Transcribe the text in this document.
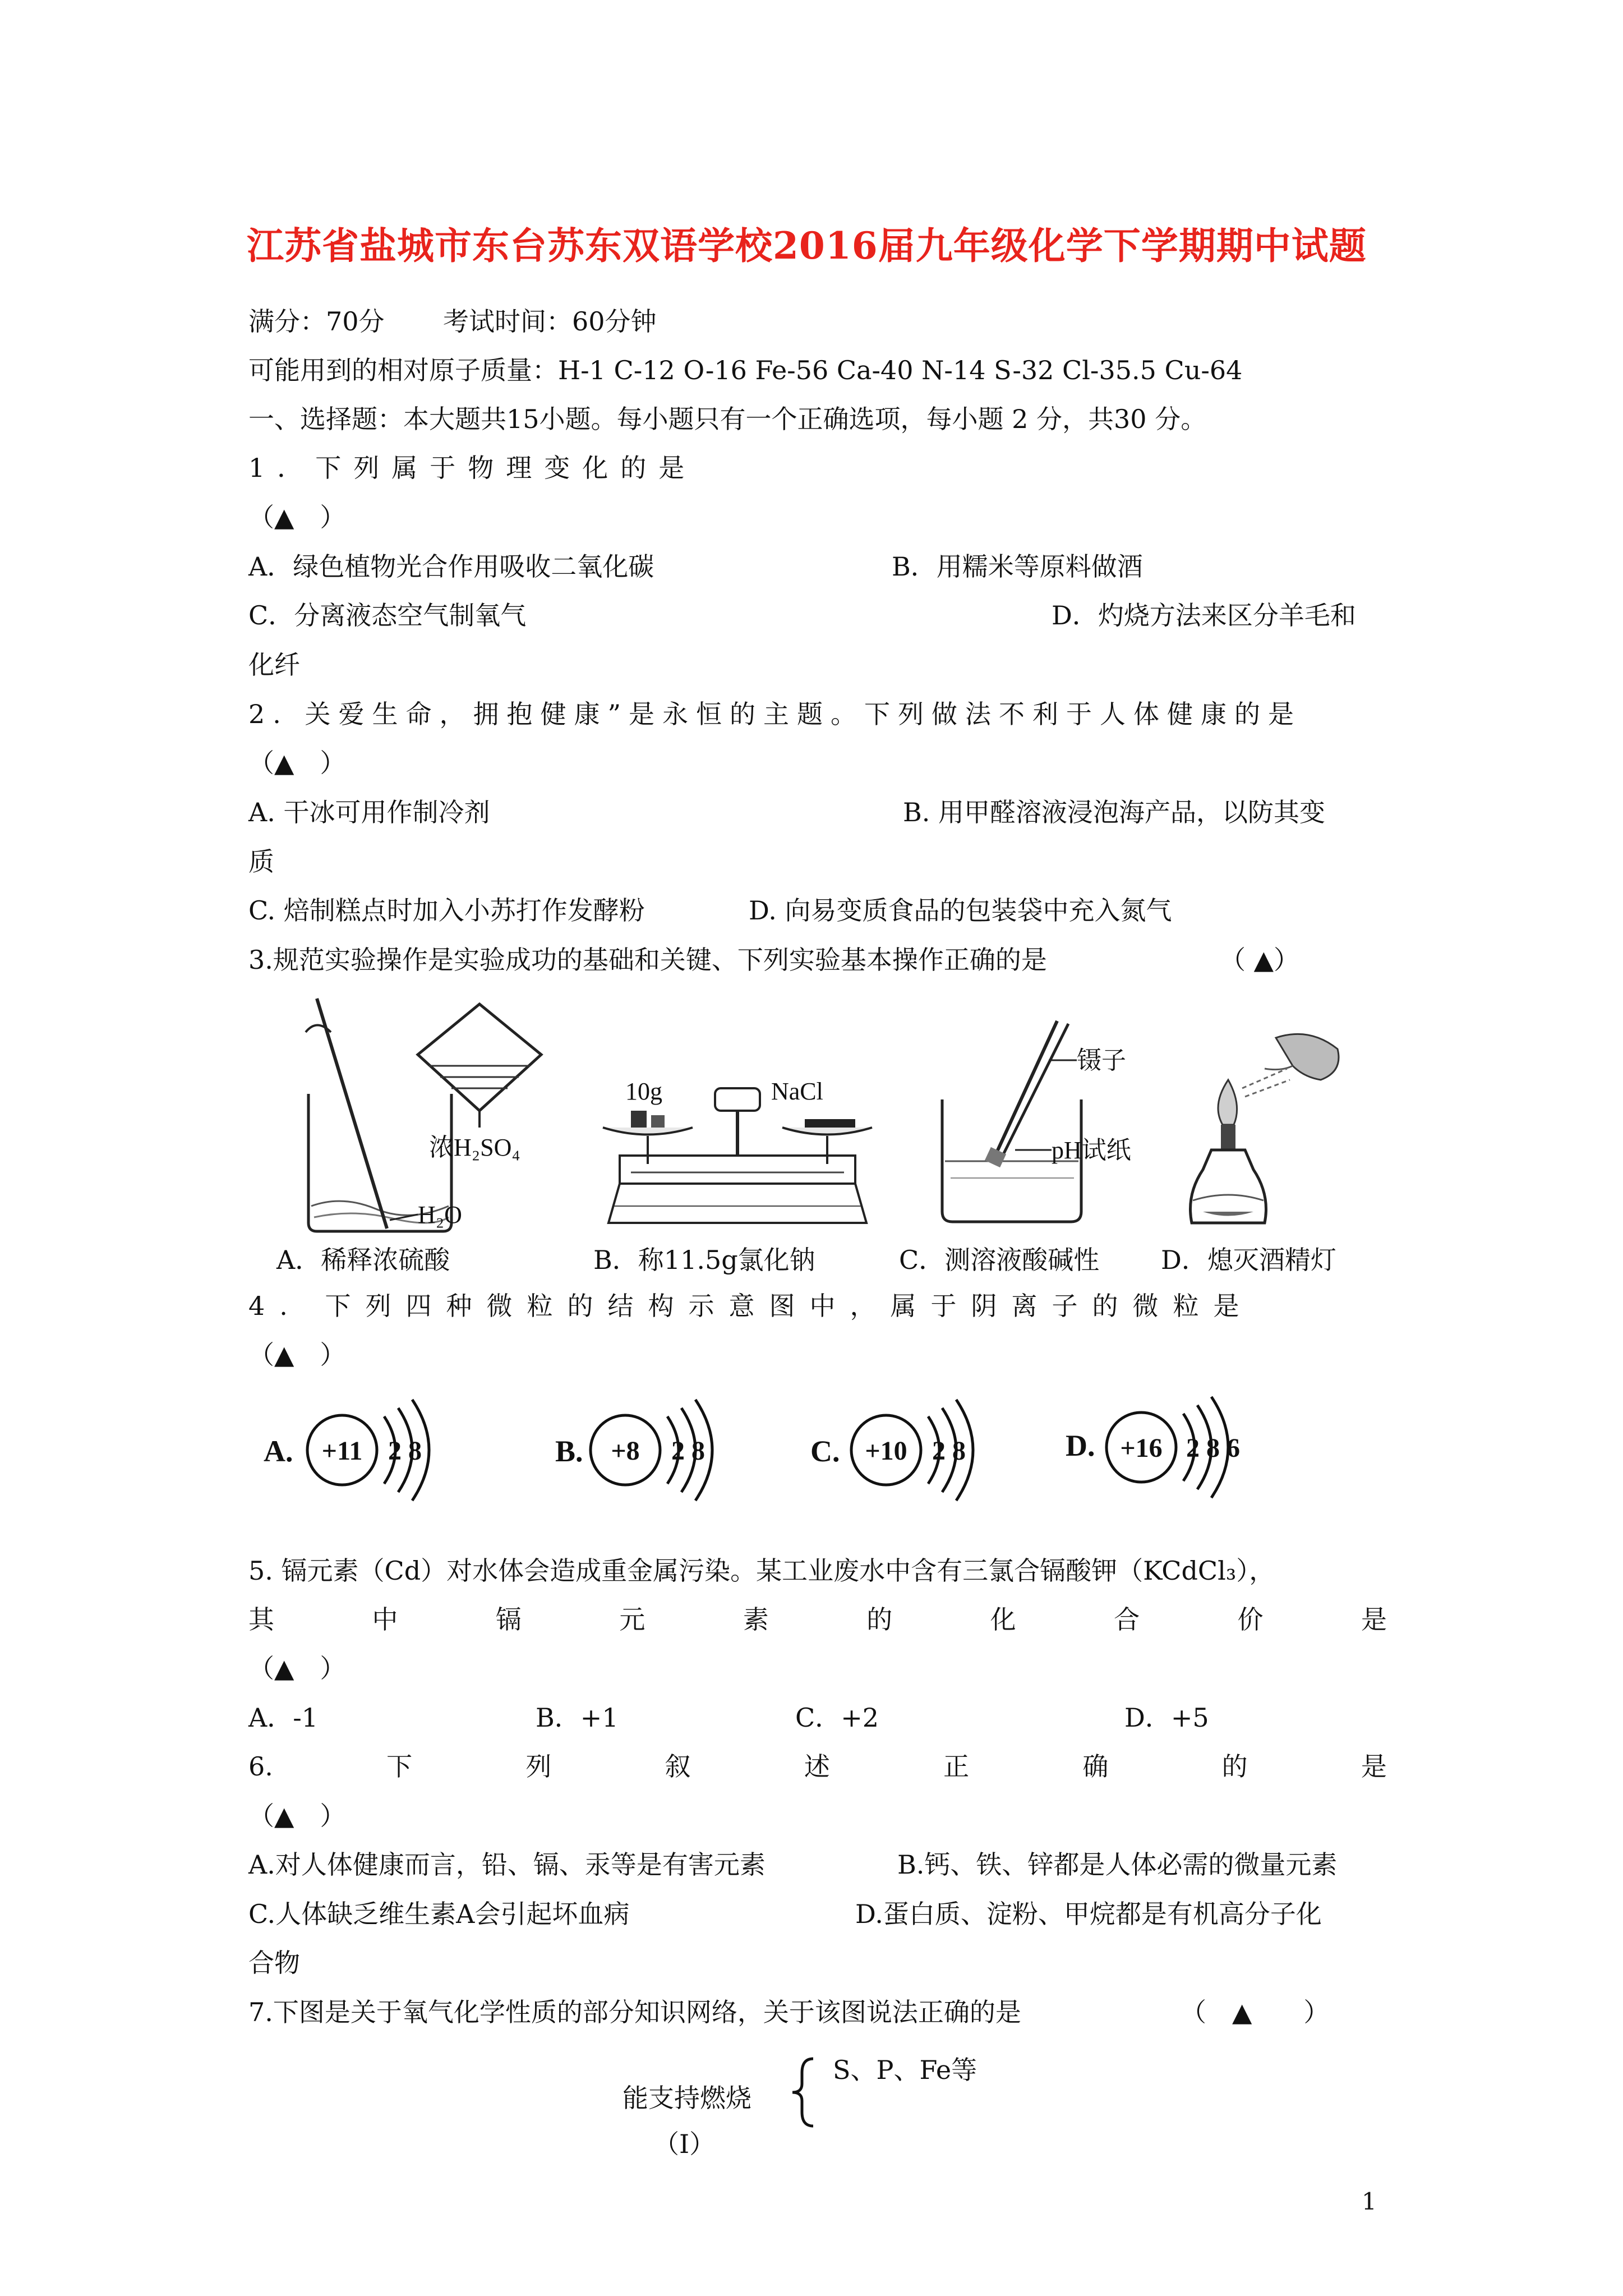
江苏省盐城市东台苏东双语学校2016届九年级化学下学期期中试题
满分：70分 考试时间：60分钟
可能用到的相对原子质量：H-1 C-12 O-16 Fe-56 Ca-40 N-14 S-32 Cl-35.5 Cu-64
一、选择题：本大题共15小题。每小题只有一个正确选项，每小题 2 分，共30 分。
1．下列属于物理变化的是
（▲　）
A．绿色植物光合作用吸收二氧化碳	B．用糯米等原料做酒
C．分离液态空气制氧气	D．灼烧方法来区分羊毛和
化纤
2. 关爱生命，拥抱健康”是永恒的主题。下列做法不利于人体健康的是
（▲　）
A. 干冰可用作制冷剂	B. 用甲醛溶液浸泡海产品，以防其变
质
C. 焙制糕点时加入小苏打作发酵粉	D. 向易变质食品的包装袋中充入氮气
3.规范实验操作是实验成功的基础和关键、下列实验基本操作正确的是	（ ▲）
浓H₂SO₄
H₂O
10g	NaCl
镊子
pH试纸
A．稀释浓硫酸	B．称11.5g氯化钠	C．测溶液酸碱性 D．熄灭酒精灯
4. 下列四种微粒的结构示意图中，属于阴离子的微粒是
（▲　）
A. +11 2 8	B. +8 2 8	C. +10 2 8	D. +16 2 8 6
5. 镉元素（Cd）对水体会造成重金属污染。某工业废水中含有三氯合镉酸钾（KCdCl₃），
其	中	镉	元	素	的	化	合	价	是
（▲　）
A．-1	B．+1	C．+2	D．+5
6.	下	列	叙	述	正	确	的	是
（▲　）
A.对人体健康而言，铅、镉、汞等是有害元素	B.钙、铁、锌都是人体必需的微量元素
C.人体缺乏维生素A会引起坏血病	D.蛋白质、淀粉、甲烷都是有机高分子化
合物
7.下图是关于氧气化学性质的部分知识网络，关于该图说法正确的是	（　▲　　）
能支持燃烧
S、P、Fe等
（Ⅰ）
1
